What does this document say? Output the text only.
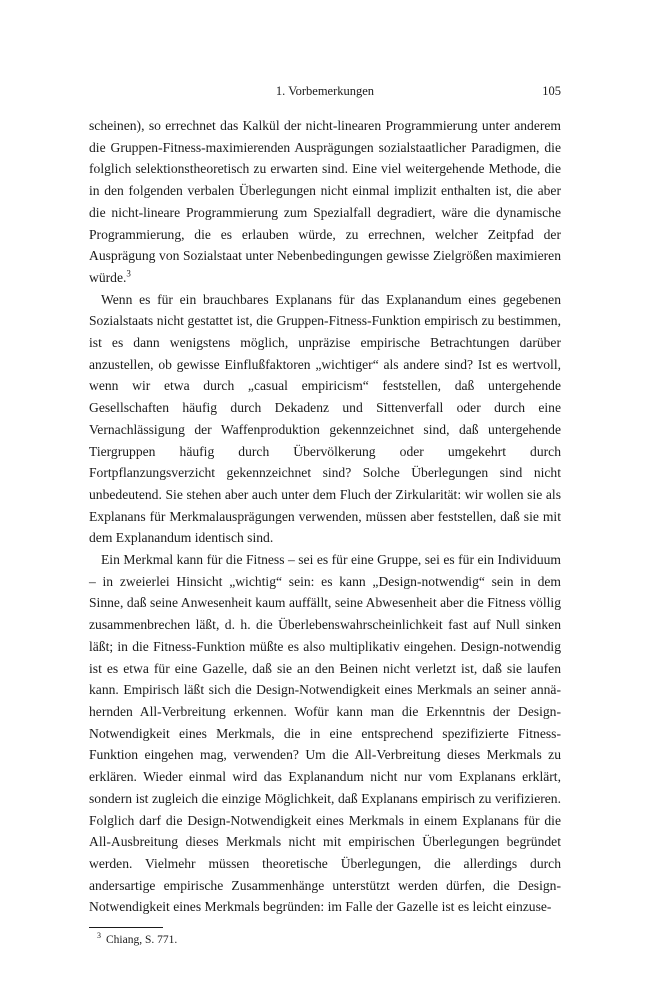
1. Vorbemerkungen	105

scheinen), so errechnet das Kalkül der nicht-linearen Programmierung unter anderem die Gruppen-Fitness-maximierenden Ausprägungen sozialstaatlicher Paradigmen, die folglich selektionstheoretisch zu erwarten sind. Eine viel weitergehende Methode, die in den folgenden verbalen Überlegungen nicht einmal implizit enthalten ist, die aber die nicht-lineare Programmierung zum Spezialfall degradiert, wäre die dynamische Programmierung, die es erlauben würde, zu errechnen, welcher Zeitpfad der Ausprägung von Sozialstaat unter Nebenbedingungen gewisse Zielgrößen maximieren würde.$^3$

Wenn es für ein brauchbares Explanans für das Explanandum eines gegebenen Sozialstaats nicht gestattet ist, die Gruppen-Fitness-Funktion empirisch zu bestimmen, ist es dann wenigstens möglich, unpräzise empirische Betrachtungen darüber anzustellen, ob gewisse Einflußfaktoren „wichtiger“ als andere sind? Ist es wertvoll, wenn wir etwa durch „casual empiricism“ feststellen, daß untergehende Gesellschaften häufig durch Dekadenz und Sittenverfall oder durch eine Vernachlässigung der Waffenproduktion gekennzeichnet sind, daß untergehende Tiergruppen häufig durch Übervölkerung oder umgekehrt durch Fortpflanzungsverzicht gekennzeichnet sind? Solche Überlegungen sind nicht unbedeutend. Sie stehen aber auch unter dem Fluch der Zirkularität: wir wollen sie als Explanans für Merkmalausprägungen verwenden, müssen aber feststellen, daß sie mit dem Explanandum identisch sind.

Ein Merkmal kann für die Fitness – sei es für eine Gruppe, sei es für ein Individuum – in zweierlei Hinsicht „wichtig“ sein: es kann „Design-notwendig“ sein in dem Sinne, daß seine Anwesenheit kaum auffällt, seine Abwesenheit aber die Fitness völlig zusammenbrechen läßt, d. h. die Überlebenswahrscheinlichkeit fast auf Null sinken läßt; in die Fitness-Funktion müßte es also multiplikativ eingehen. Design-notwendig ist es etwa für eine Gazelle, daß sie an den Beinen nicht verletzt ist, daß sie laufen kann. Empirisch läßt sich die Design-Notwendigkeit eines Merkmals an seiner annähernden All-Verbreitung erkennen. Wofür kann man die Erkenntnis der Design-Notwendigkeit eines Merkmals, die in eine entsprechend spezifizierte Fitness-Funktion eingehen mag, verwenden? Um die All-Verbreitung dieses Merkmals zu erklären. Wieder einmal wird das Explanandum nicht nur vom Explanans erklärt, sondern ist zugleich die einzige Möglichkeit, daß Explanans empirisch zu verifizieren. Folglich darf die Design-Notwendigkeit eines Merkmals in einem Explanans für die All-Ausbreitung dieses Merkmals nicht mit empirischen Überlegungen begründet werden. Vielmehr müssen theoretische Überlegungen, die allerdings durch andersartige empirische Zusammenhänge unterstützt werden dürfen, die Design-Notwendigkeit eines Merkmals begründen: im Falle der Gazelle ist es leicht einzuse-

$^3$ Chiang, S. 771.
